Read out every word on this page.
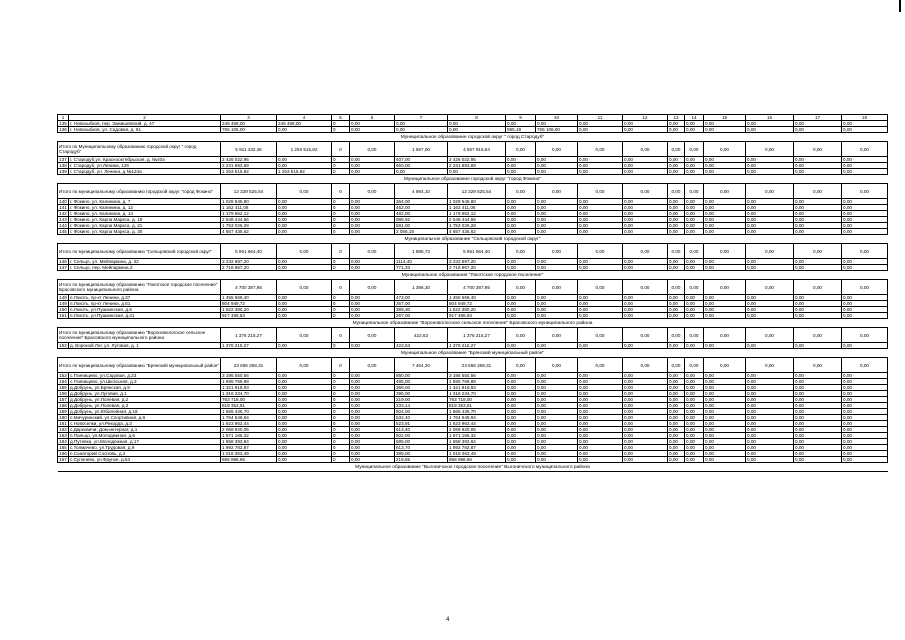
1	2	3	4	5	6	7	8	9	10	11	12	13	14	15	16	17	18
135	г. Новозыбков, пер. Замишевский, д. 47	246 468,00	246 468,00	0	0,00	0,00	0,00	0,00	0,00	0,00	0,00	0,00	0,00	0,00	0,00	0,00	0,00
136	г. Новозыбков, ул. Садовая, д. 61	755 106,00	0,00	0	0,00	0,00	0,00	995,19	755 106,00	0,00	0,00	0,00	0,00	0,00	0,00	0,00	0,00
Муниципальное образование городской округ " город Стародуб"																	
Итого по Муниципальному образованию городской округ " город Стародуб"		5 911 432,46	1 253 515,82	0	0,00	1 587,00	4 657 916,64	0,00	0,00	0,00	0,00	0,00	0,00	0,00	0,00	0,00	0,00
137	г. Стародуб,ул. Краснооктябрьская, д. №40а	2 426 022,95	0,00	0	0,00	937,00	2 426 022,95	0,00	0,00	0,00	0,00	0,00	0,00	0,00	0,00	0,00	0,00
138	г. Стародуб, ул.Ленина, 126	2 231 893,69	0,00	0	0,00	650,00	2 231 893,69	0,00	0,00	0,00	0,00	0,00	0,00	0,00	0,00	0,00	0,00
139	г. Стародуб, ул. Ленина, д.№124а	1 253 515,82	1 253 515,82	0	0,00	0,00	0,00	0,00	0,00	0,00	0,00	0,00	0,00	0,00	0,00	0,00	0,00
Муниципальное образование городской округ "город Фокино"																	
Итого по муниципальному образованию городской округ "город Фокино"		12 329 525,54	0,00	0	0,00	4 984,10	12 329 525,54	0,00	0,00	0,00	0,00	0,00	0,00	0,00	0,00	0,00	0,00
140	г. Фокино, ул. Калинина, д. 7	1 028 545,80	0,00	0	0,00	364,00	1 028 545,80	0,00	0,00	0,00	0,00	0,00	0,00	0,00	0,00	0,00	0,00
141	г. Фокино, ул. Калинина, д. 12	1 162 411,06	0,00	0	0,00	452,00	1 162 411,06	0,00	0,00	0,00	0,00	0,00	0,00	0,00	0,00	0,00	0,00
142	г. Фокино, ул. Калинина, д. 14	1 179 662,12	0,00	0	0,00	482,00	1 179 662,12	0,00	0,00	0,00	0,00	0,00	0,00	0,00	0,00	0,00	0,00
143	г. Фокино, ул. Карла Маркса, д. 19	2 548 444,66	0,00	0	0,00	988,92	2 548 444,66	0,00	0,00	0,00	0,00	0,00	0,00	0,00	0,00	0,00	0,00
144	г. Фокино, ул. Карла Маркса, д. 21	1 753 026,28	0,00	0	0,00	581,00	1 753 026,28	0,00	0,00	0,00	0,00	0,00	0,00	0,00	0,00	0,00	0,00
145	г. Фокино, ул. Карла Маркса, д. 30	4 657 435,62	0,00	0	0,00	2 056,18	4 657 435,62	0,00	0,00	0,00	0,00	0,00	0,00	0,00	0,00	0,00	0,00
Муниципальное образование "Сельцовский городской округ"																	
Итого по муниципальному образованию "Сельцовский городской округ"		5 951 664,40	0,00	0	0,00	1 885,73	5 951 664,40	0,00	0,00	0,00	0,00	0,00	0,00	0,00	0,00	0,00	0,00
146	г. Сельцо, ул. Мейпаркина, д. 32	3 232 697,20	0,00	0	0,00	1114,40	3 232 697,20	0,00	0,00	0,00	0,00	0,00	0,00	0,00	0,00	0,00	0,00
147	г. Сельцо, пер. Мейпаркина,3	2 718 967,20	0,00	0	0,00	771,33	2 718 967,20	0,00	0,00	0,00	0,00	0,00	0,00	0,00	0,00	0,00	0,00
Муниципальное образование "Локотское городское поселение"																	
Итого по муниципальному образованию "Локотское городское поселение" Брасовского муниципального района		4 700 387,95	0,00	0	0,00	1 396,30	4 700 387,95	0,00	0,00	0,00	0,00	0,00	0,00	0,00	0,00	0,00	0,00
148	п.Локоть, пр-кт Ленина, д.37	1 455 569,40	0,00	0	0,00	473,00	1 455 569,40	0,00	0,00	0,00	0,00	0,00	0,00	0,00	0,00	0,00	0,00
149	п.Локоть, пр-кт Ленина, д.51	804 949,72	0,00	0	0,00	267,00	804 949,72	0,00	0,00	0,00	0,00	0,00	0,00	0,00	0,00	0,00	0,00
150	п.Локоть, ул.Пушкинская, д.6	1 522 380,20	0,00	0	0,00	389,30	1 522 380,20	0,00	0,00	0,00	0,00	0,00	0,00	0,00	0,00	0,00	0,00
151	п.Локоть, ул.Пушкинская, д.21	917 488,63	0,00	0	0,00	267,00	917 488,63	0,00	0,00	0,00	0,00	0,00	0,00	0,00	0,00	0,00	0,00
Муниципальное образование "Вороновологское сельское поселение" Брасовского муниципального района																	
Итого по муниципальному образованию "Вороновологское сельское поселение" Брасовского муниципального района		1 376 215,27	0,00	0	0,00	422,63	1 376 215,27	0,00	0,00	0,00	0,00	0,00	0,00	0,00	0,00	0,00	0,00
152	д. Вороной Лог, ул. Луговая, д. 1	1 376 215,27	0,00	0	0,00	422,63	1 376 215,27	0,00	0,00	0,00	0,00	0,00	0,00	0,00	0,00	0,00	0,00
Муниципальное образование "Брянский муниципальный район"																	
Итого по муниципальному образованию "Брянский муниципальный район"		23 656 268,31	0,00	0	0,00	7 464,20	23 656 268,31	0,00	0,00	0,00	0,00	0,00	0,00	0,00	0,00	0,00	0,00
153	с.Глинищево, ул.Садовая, д.23	3 195 550,56	0,00	0	0,00	880,00	3 195 550,56	0,00	0,00	0,00	0,00	0,00	0,00	0,00	0,00	0,00	0,00
154	с.Глинищево, ул.Школьная, д.3	1 695 759,88	0,00	0	0,00	485,00	1 695 759,88	0,00	0,00	0,00	0,00	0,00	0,00	0,00	0,00	0,00	0,00
155	д.Добрунь, ул.Брянская, д.9	1 321 918,93	0,00	0	0,00	368,00	1 321 918,93	0,00	0,00	0,00	0,00	0,00	0,00	0,00	0,00	0,00	0,00
156	д.Добрунь, ул.Луговая, д.1	1 316 234,70	0,00	0	0,00	396,00	1 316 234,70	0,00	0,00	0,00	0,00	0,00	0,00	0,00	0,00	0,00	0,00
157	д.Добрунь, ул.Полевая, д.2	763 718,00	0,00	0	0,00	219,00	763 718,00	0,00	0,00	0,00	0,00	0,00	0,00	0,00	0,00	0,00	0,00
158	д.Добрунь, ул.Полевая, д.3	819 353,91	0,00	0	0,00	233,14	819 353,91	0,00	0,00	0,00	0,00	0,00	0,00	0,00	0,00	0,00	0,00
159	д.Добрунь, ул.Юбилейная, д.19	1 665 435,70	0,00	0	0,00	504,00	1 665 435,70	0,00	0,00	0,00	0,00	0,00	0,00	0,00	0,00	0,00	0,00
160	п.Мичуринский, ул.Спортивная, д.6	1 764 649,94	0,00	0	0,00	532,40	1 764 649,94	0,00	0,00	0,00	0,00	0,00	0,00	0,00	0,00	0,00	0,00
161	с.Новоселки, ул.Рекорда, д.3	1 623 962,44	0,00	0	0,00	523,91	1 623 962,44	0,00	0,00	0,00	0,00	0,00	0,00	0,00	0,00	0,00	0,00
162	с.Дарковичи, Дом-интернат, д.1	2 069 920,05	0,00	0	0,00	613,40	2 069 920,05	0,00	0,00	0,00	0,00	0,00	0,00	0,00	0,00	0,00	0,00
163	п.Пальцо, ул.Молодежная, д.6	1 871 186,32	0,00	0	0,00	502,00	1 871 186,32	0,00	0,00	0,00	0,00	0,00	0,00	0,00	0,00	0,00	0,00
164	д.Путевка, ул.Молодежная, д.17	1 658 393,84	0,00	0	0,00	585,00	1 658 393,84	0,00	0,00	0,00	0,00	0,00	0,00	0,00	0,00	0,00	0,00
165	с.Толмачево, ул.Трудовая, д.9	1 992 782,87	0,00	0	0,00	613,70	1 992 782,87	0,00	0,00	0,00	0,00	0,00	0,00	0,00	0,00	0,00	0,00
166	п.Санаторий Сосновь, д.2	1 018 363,49	0,00	0	0,00	389,00	1 018 363,49	0,00	0,00	0,00	0,00	0,00	0,00	0,00	0,00	0,00	0,00
167	с.Супонево, ул.Фрунзе, д.63	658 998,66	0,00	0	0,00	219,85	658 998,66	0,00	0,00	0,00	0,00	0,00	0,00	0,00	0,00	0,00	0,00
Муниципальное образование "Выгоничское городское поселение" Выгоничского муниципального района																	
4
